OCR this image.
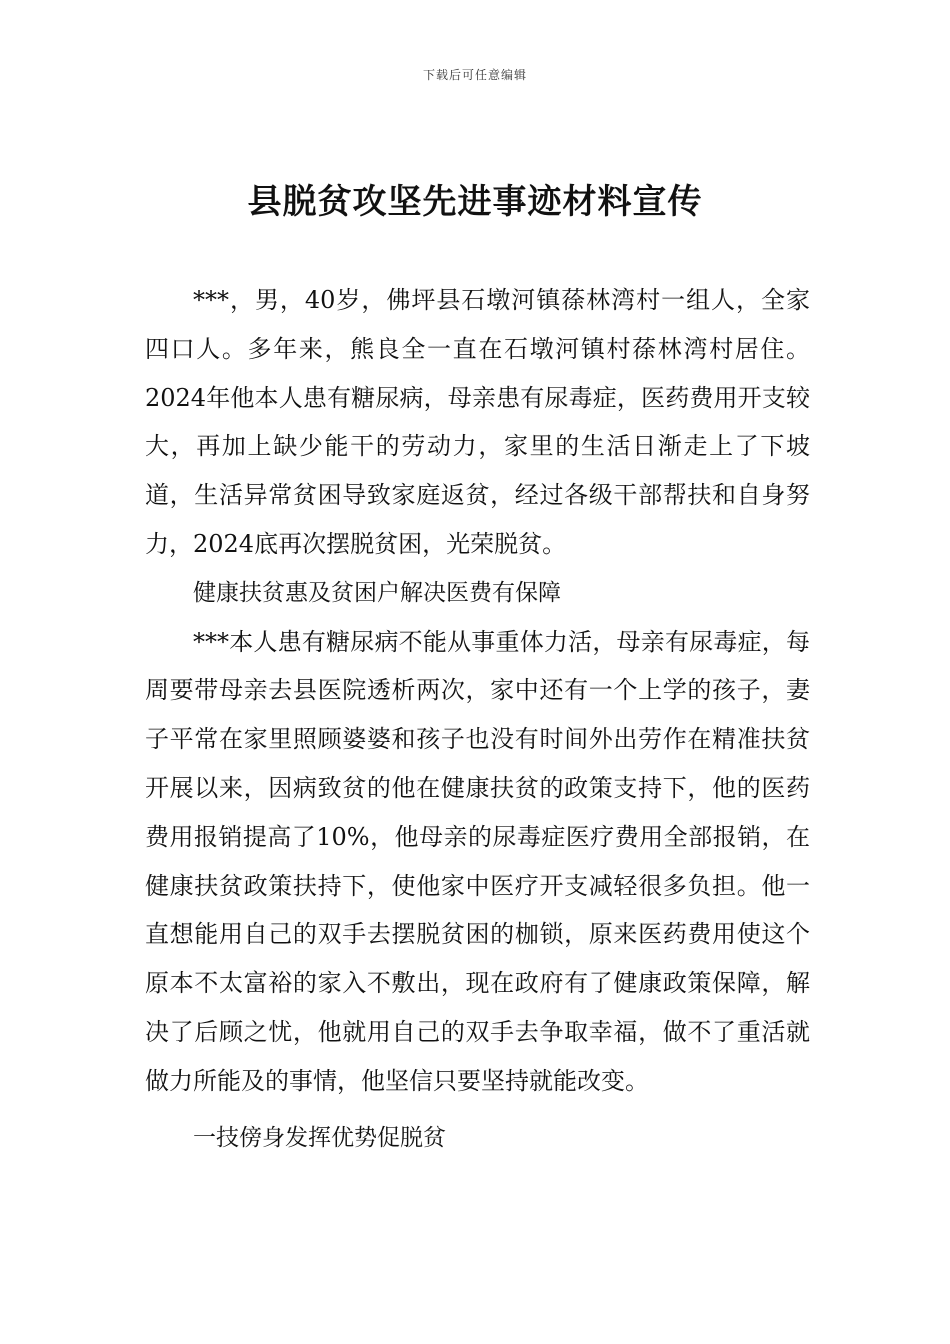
下载后可任意编辑
县脱贫攻坚先进事迹材料宣传

***，男，40岁，佛坪县石墩河镇蒣林湾村一组人，全家四口人。多年来，熊良全一直在石墩河镇村蒣林湾村居住。2024年他本人患有糖尿病，母亲患有尿毒症，医药费用开支较大，再加上缺少能干的劳动力，家里的生活日渐走上了下坡道，生活异常贫困导致家庭返贫，经过各级干部帮扶和自身努力，2024底再次摆脱贫困，光荣脱贫。

健康扶贫惠及贫困户解决医费有保障

***本人患有糖尿病不能从事重体力活，母亲有尿毒症，每周要带母亲去县医院透析两次，家中还有一个上学的孩子，妻子平常在家里照顾婆婆和孩子也没有时间外出劳作在精准扶贫开展以来，因病致贫的他在健康扶贫的政策支持下，他的医药费用报销提高了10%，他母亲的尿毒症医疗费用全部报销，在健康扶贫政策扶持下，使他家中医疗开支减轻很多负担。他一直想能用自己的双手去摆脱贫困的枷锁，原来医药费用使这个原本不太富裕的家入不敷出，现在政府有了健康政策保障，解决了后顾之忧，他就用自己的双手去争取幸福，做不了重活就做力所能及的事情，他坚信只要坚持就能改变。

一技傍身发挥优势促脱贫
